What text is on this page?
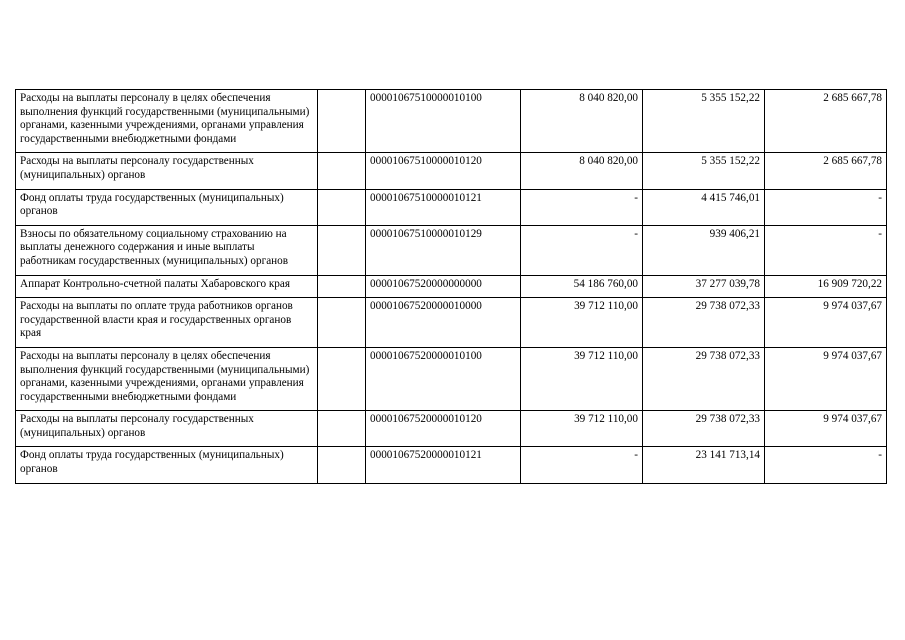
Расходы на выплаты персоналу в целях обеспечения выполнения функций государственными (муниципальными) органами, казенными учреждениями, органами управления государственными внебюджетными фондами		00001067510000010100	8 040 820,00	5 355 152,22	2 685 667,78
Расходы на выплаты персоналу государственных (муниципальных) органов		00001067510000010120	8 040 820,00	5 355 152,22	2 685 667,78
Фонд оплаты труда государственных (муниципальных) органов		00001067510000010121	-	4 415 746,01	-
Взносы по обязательному социальному страхованию на выплаты денежного содержания и иные выплаты работникам государственных (муниципальных) органов		00001067510000010129	-	939 406,21	-
Аппарат Контрольно-счетной палаты Хабаровского края		00001067520000000000	54 186 760,00	37 277 039,78	16 909 720,22
Расходы на выплаты по оплате труда работников органов государственной власти края и государственных органов края		00001067520000010000	39 712 110,00	29 738 072,33	9 974 037,67
Расходы на выплаты персоналу в целях обеспечения выполнения функций государственными (муниципальными) органами, казенными учреждениями, органами управления государственными внебюджетными фондами		00001067520000010100	39 712 110,00	29 738 072,33	9 974 037,67
Расходы на выплаты персоналу государственных (муниципальных) органов		00001067520000010120	39 712 110,00	29 738 072,33	9 974 037,67
Фонд оплаты труда государственных (муниципальных) органов		00001067520000010121	-	23 141 713,14	-
